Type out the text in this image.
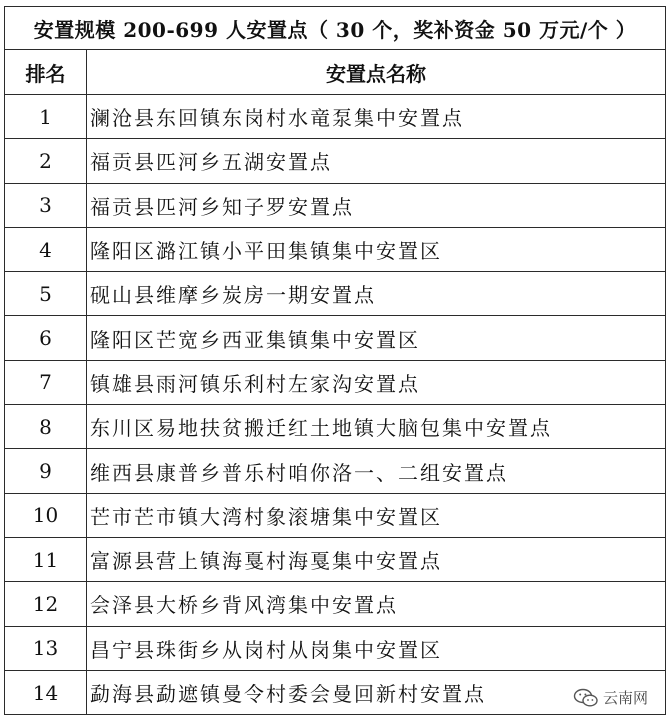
安置规模 200-699 人安置点（ 30 个，奖补资金 50 万元/个 ）	
排名	安置点名称
1	澜沧县东回镇东岗村水竜泵集中安置点
2	福贡县匹河乡五湖安置点
3	福贡县匹河乡知子罗安置点
4	隆阳区潞江镇小平田集镇集中安置区
5	砚山县维摩乡炭房一期安置点
6	隆阳区芒宽乡西亚集镇集中安置区
7	镇雄县雨河镇乐利村左家沟安置点
8	东川区易地扶贫搬迁红土地镇大脑包集中安置点
9	维西县康普乡普乐村咱你洛一、二组安置点
10	芒市芒市镇大湾村象滚塘集中安置区
11	富源县营上镇海戛村海戛集中安置点
12	会泽县大桥乡背风湾集中安置点
13	昌宁县珠街乡从岗村从岗集中安置区
14	勐海县勐遮镇曼令村委会曼回新村安置点	云南网
